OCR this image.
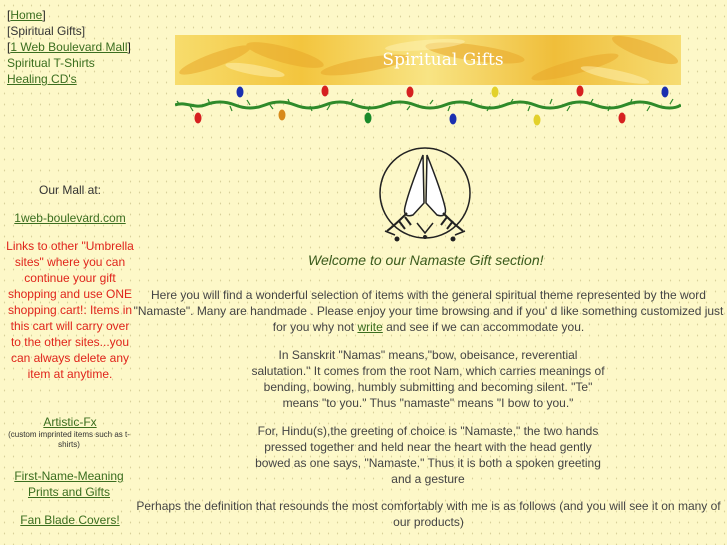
[Home]
[Spiritual Gifts]
[1 Web Boulevard Mall]
Spiritual T-Shirts
Healing CD's
Our Mall at:
1web-boulevard.com
Links to other "Umbrella sites" where you can continue your gift shopping and use ONE shopping cart!: Items in this cart will carry over to the other sites...you can always delete any item at anytime.
Artistic-Fx
(custom imprinted items such as t-shirts)
First-Name-Meaning Prints and Gifts
Fan Blade Covers!
Spiritual Gifts
Welcome to our Namaste Gift section!
Here you will find a wonderful selection of items with the general spiritual theme represented by the word "Namaste". Many are handmade . Please enjoy your time browsing and if you' d like something customized just for you why not write and see if we can accommodate you.
In Sanskrit "Namas" means,"bow, obeisance, reverential salutation." It comes from the root Nam, which carries meanings of bending, bowing, humbly submitting and becoming silent. "Te" means "to you." Thus "namaste" means "I bow to you."
For, Hindu(s),the greeting of choice is "Namaste," the two hands pressed together and held near the heart with the head gently bowed as one says, "Namaste." Thus it is both a spoken greeting and a gesture
Perhaps the definition that resounds the most comfortably with me is as follows (and you will see it on many of our products)
